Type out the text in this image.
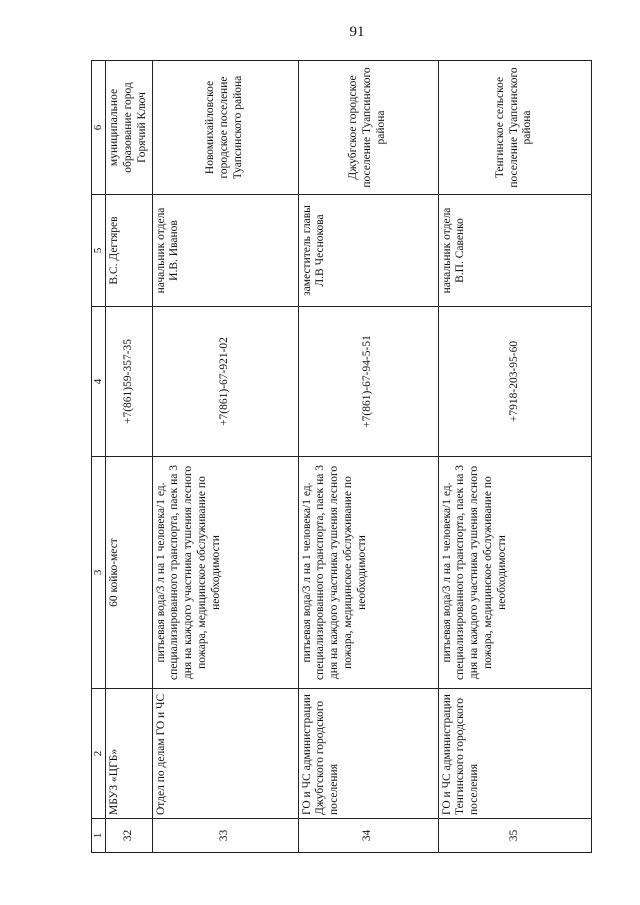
91
1	2	3	4	5	6
32	МБУЗ «ЦГБ»	60 койко-мест	+7(861)59-357-35	В.С. Дегтярев	муниципальное образование город Горячий Ключ
33	Отдел по делам ГО и ЧС	питьевая вода/3 л на 1 человека/1 ед. специализированного транспорта, паек на 3 дня на каждого участника тушения лесного пожара, медицинское обслуживание по необходимости	+7(861)-67-921-02	начальник отдела И.В. Иванов	Новомихайловское городское поселение Туапсинского района
34	ГО и ЧС администрации Джубгского городского поселения	питьевая вода/3 л на 1 человека/1 ед. специализированного транспорта, паек на 3 дня на каждого участника тушения лесного пожара, медицинское обслуживание по необходимости	+7(861)-67-94-5-51	заместитель главы Л.В Чеснокова	Джубгское городское поселение Туапсинского района
35	ГО и ЧС администрации Тенгинского городского поселения	питьевая вода/3 л на 1 человека/1 ед. специализированного транспорта, паек на 3 дня на каждого участника тушения лесного пожара, медицинское обслуживание по необходимости	+7918-203-95-60	начальник отдела В.П. Савенко	Тенгинское сельское поселение Туапсинского района
